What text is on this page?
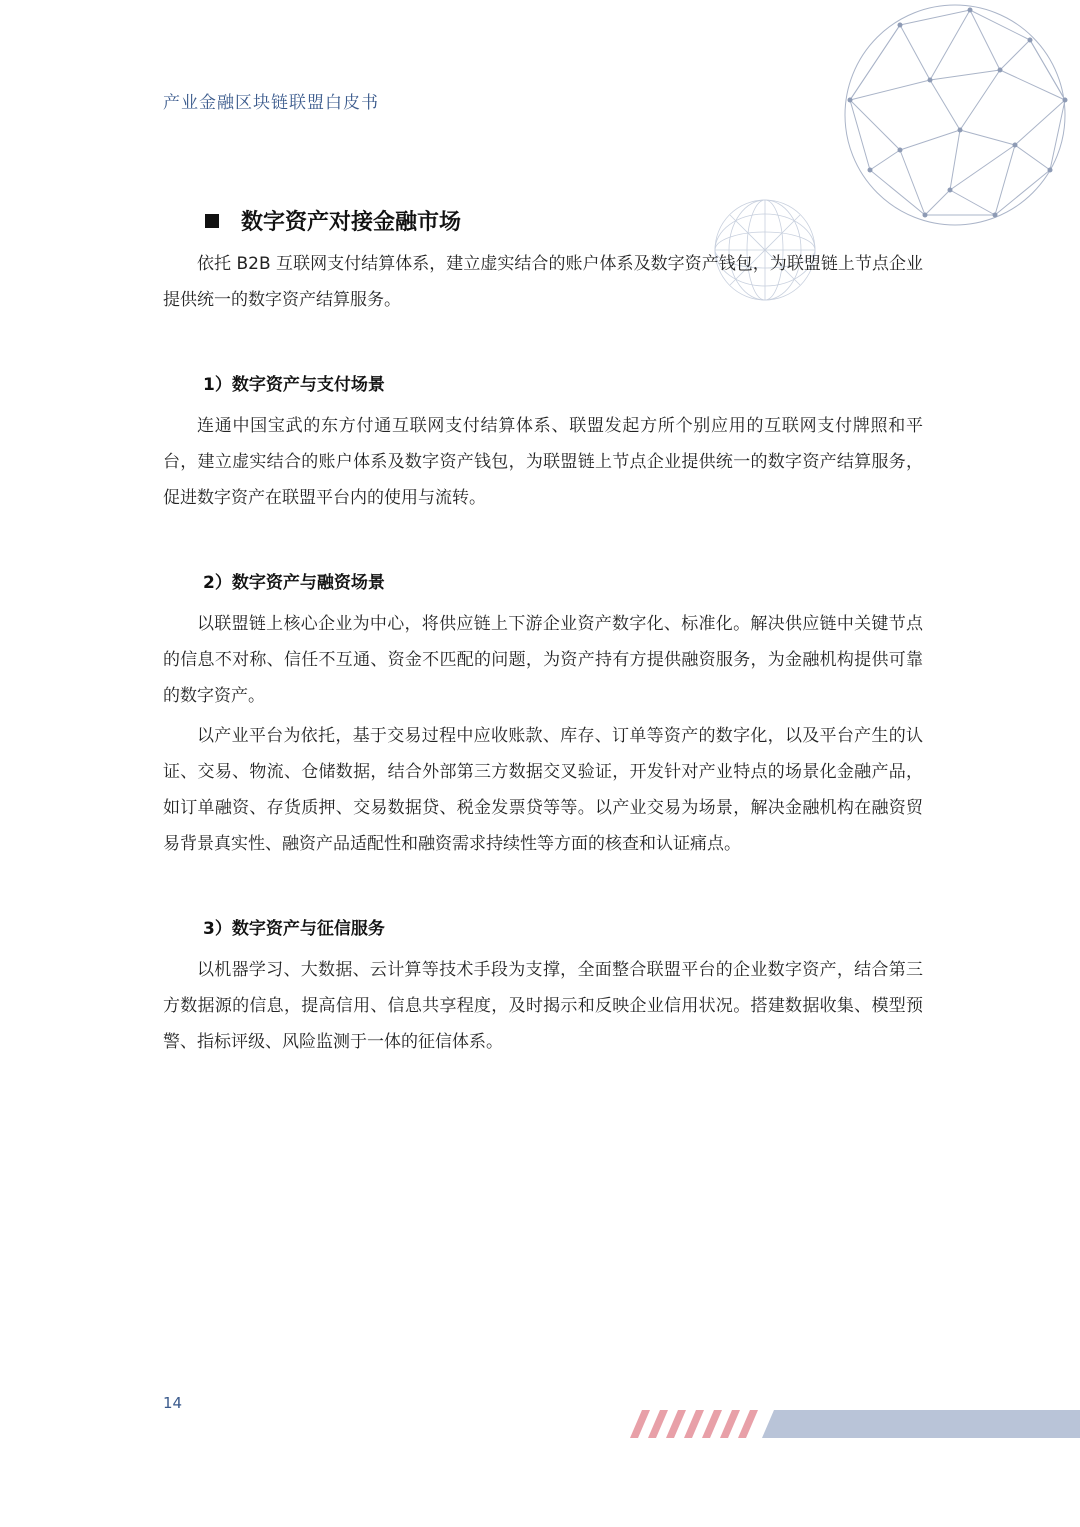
产业金融区块链联盟白皮书
数字资产对接金融市场

依托 B2B 互联网支付结算体系，建立虚实结合的账户体系及数字资产钱包，为联盟链上节点企业提供统一的数字资产结算服务。

1）数字资产与支付场景

连通中国宝武的东方付通互联网支付结算体系、联盟发起方所个别应用的互联网支付牌照和平台，建立虚实结合的账户体系及数字资产钱包，为联盟链上节点企业提供统一的数字资产结算服务，促进数字资产在联盟平台内的使用与流转。

2）数字资产与融资场景

以联盟链上核心企业为中心，将供应链上下游企业资产数字化、标准化。解决供应链中关键节点的信息不对称、信任不互通、资金不匹配的问题，为资产持有方提供融资服务，为金融机构提供可靠的数字资产。

以产业平台为依托，基于交易过程中应收账款、库存、订单等资产的数字化，以及平台产生的认证、交易、物流、仓储数据，结合外部第三方数据交叉验证，开发针对产业特点的场景化金融产品，如订单融资、存货质押、交易数据贷、税金发票贷等等。以产业交易为场景，解决金融机构在融资贸易背景真实性、融资产品适配性和融资需求持续性等方面的核查和认证痛点。

3）数字资产与征信服务

以机器学习、大数据、云计算等技术手段为支撑，全面整合联盟平台的企业数字资产，结合第三方数据源的信息，提高信用、信息共享程度，及时揭示和反映企业信用状况。搭建数据收集、模型预警、指标评级、风险监测于一体的征信体系。

14
